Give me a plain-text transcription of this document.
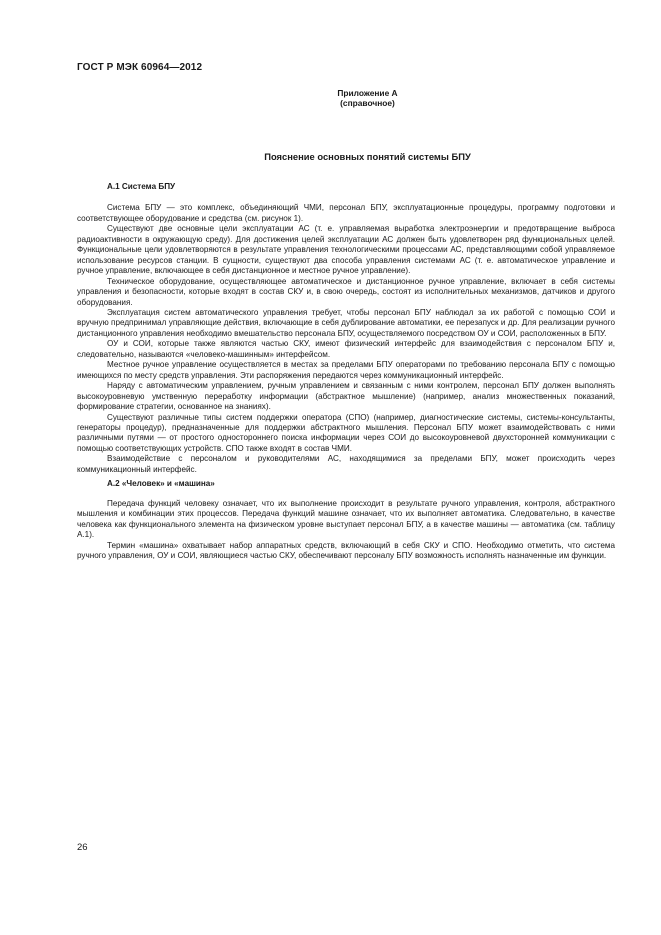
ГОСТ Р МЭК 60964—2012
Приложение А
(справочное)
Пояснение основных понятий системы БПУ

А.1 Система БПУ

Система БПУ — это комплекс, объединяющий ЧМИ, персонал БПУ, эксплуатационные процедуры, программу подготовки и соответствующее оборудование и средства (см. рисунок 1).

Существуют две основные цели эксплуатации АС (т. е. управляемая выработка электроэнергии и предотвращение выброса радиоактивности в окружающую среду). Для достижения целей эксплуатации АС должен быть удовлетворен ряд функциональных целей. Функциональные цели удовлетворяются в результате управления технологическими процессами АС, представляющими собой управляемое использование ресурсов станции. В сущности, существуют два способа управления системами АС (т. е. автоматическое управление и ручное управление, включающее в себя дистанционное и местное ручное управление).

Техническое оборудование, осуществляющее автоматическое и дистанционное ручное управление, включает в себя системы управления и безопасности, которые входят в состав СКУ и, в свою очередь, состоят из исполнительных механизмов, датчиков и другого оборудования.

Эксплуатация систем автоматического управления требует, чтобы персонал БПУ наблюдал за их работой с помощью СОИ и вручную предпринимал управляющие действия, включающие в себя дублирование автоматики, ее перезапуск и др. Для реализации ручного дистанционного управления необходимо вмешательство персонала БПУ, осуществляемого посредством ОУ и СОИ, расположенных в БПУ.

ОУ и СОИ, которые также являются частью СКУ, имеют физический интерфейс для взаимодействия с персоналом БПУ и, следовательно, называются «человеко-машинным» интерфейсом.

Местное ручное управление осуществляется в местах за пределами БПУ операторами по требованию персонала БПУ с помощью имеющихся по месту средств управления. Эти распоряжения передаются через коммуникационный интерфейс.

Наряду с автоматическим управлением, ручным управлением и связанным с ними контролем, персонал БПУ должен выполнять высокоуровневую умственную переработку информации (абстрактное мышление) (например, анализ множественных показаний, формирование стратегии, основанное на знаниях).

Существуют различные типы систем поддержки оператора (СПО) (например, диагностические системы, системы-консультанты, генераторы процедур), предназначенные для поддержки абстрактного мышления. Персонал БПУ может взаимодействовать с ними различными путями — от простого одностороннего поиска информации через СОИ до высокоуровневой двухсторонней коммуникации с помощью соответствующих устройств. СПО также входят в состав ЧМИ.

Взаимодействие с персоналом и руководителями АС, находящимися за пределами БПУ, может происходить через коммуникационный интерфейс.

А.2 «Человек» и «машина»

Передача функций человеку означает, что их выполнение происходит в результате ручного управления, контроля, абстрактного мышления и комбинации этих процессов. Передача функций машине означает, что их выполняет автоматика. Следовательно, в качестве человека как функционального элемента на физическом уровне выступает персонал БПУ, а в качестве машины — автоматика (см. таблицу А.1).

Термин «машина» охватывает набор аппаратных средств, включающий в себя СКУ и СПО. Необходимо отметить, что система ручного управления, ОУ и СОИ, являющиеся частью СКУ, обеспечивают персоналу БПУ возможность исполнять назначенные им функции.

26
